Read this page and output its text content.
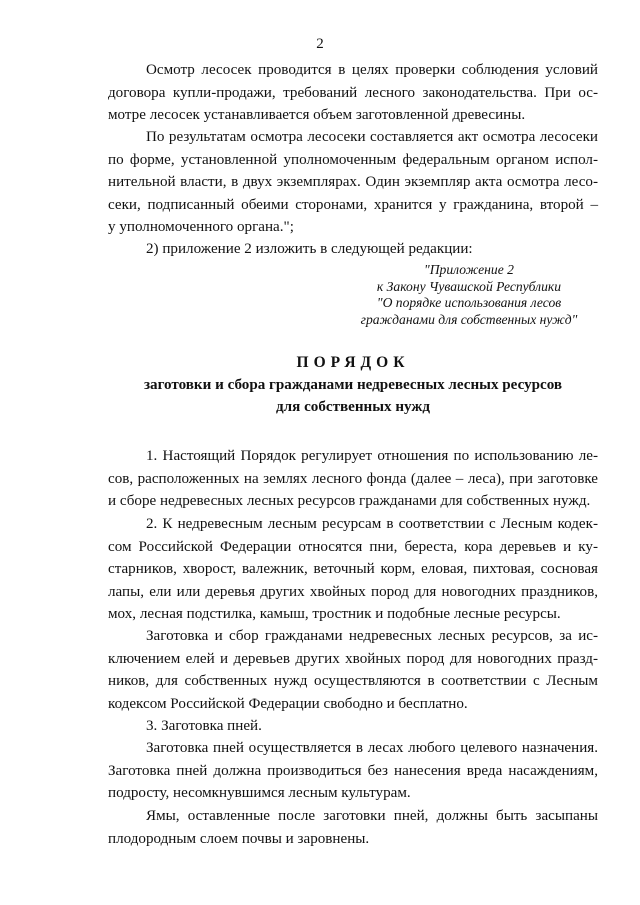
2
Осмотр лесосек проводится в целях проверки соблюдения условий
договора купли-продажи, требований лесного законодательства. При ос-
мотре лесосек устанавливается объем заготовленной древесины.
По результатам осмотра лесосеки составляется акт осмотра лесосеки
по форме, установленной уполномоченным федеральным органом испол-
нительной власти, в двух экземплярах. Один экземпляр акта осмотра лесо-
секи, подписанный обеими сторонами, хранится у гражданина, второй –
у уполномоченного органа.";
2) приложение 2 изложить в следующей редакции:
"Приложение 2
к Закону Чувашской Республики
"О порядке использования лесов
гражданами для собственных нужд"
ПОРЯДОК
заготовки и сбора гражданами недревесных лесных ресурсов
для собственных нужд
1. Настоящий Порядок регулирует отношения по использованию ле-
сов, расположенных на землях лесного фонда (далее – леса), при заготовке
и сборе недревесных лесных ресурсов гражданами для собственных нужд.
2. К недревесным лесным ресурсам в соответствии с Лесным кодек-
сом Российской Федерации относятся пни, береста, кора деревьев и ку-
старников, хворост, валежник, веточный корм, еловая, пихтовая, сосновая
лапы, ели или деревья других хвойных пород для новогодних праздников,
мох, лесная подстилка, камыш, тростник и подобные лесные ресурсы.
Заготовка и сбор гражданами недревесных лесных ресурсов, за ис-
ключением елей и деревьев других хвойных пород для новогодних празд-
ников, для собственных нужд осуществляются в соответствии с Лесным
кодексом Российской Федерации свободно и бесплатно.
3. Заготовка пней.
Заготовка пней осуществляется в лесах любого целевого назначения.
Заготовка пней должна производиться без нанесения вреда насаждениям,
подросту, несомкнувшимся лесным культурам.
Ямы, оставленные после заготовки пней, должны быть засыпаны
плодородным слоем почвы и заровнены.
